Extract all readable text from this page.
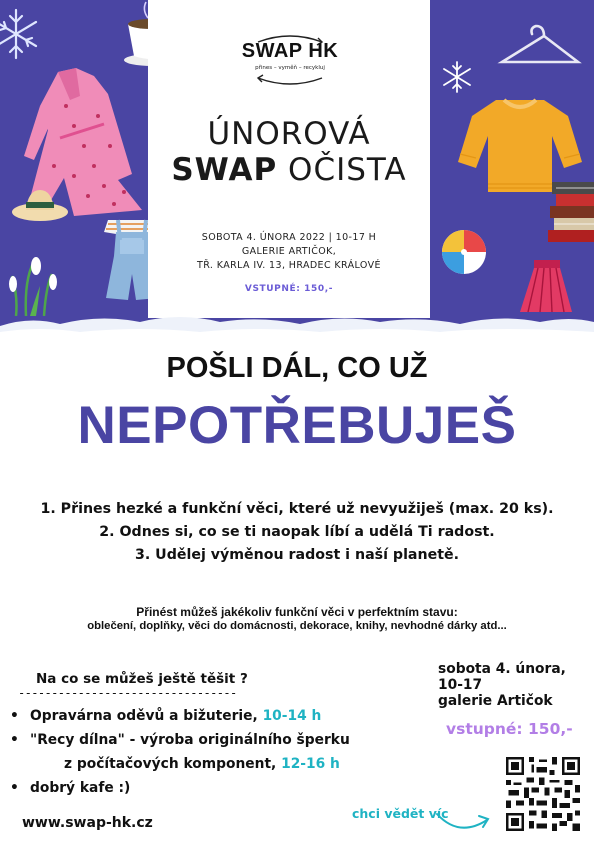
SWAP HK
přines – vyměň – recykluj
ÚNOROVÁ
SWAP OČISTA
SOBOTA 4. ÚNORA 2022 | 10-17 H
GALERIE ARTIČOK,
TŘ. KARLA IV. 13, HRADEC KRÁLOVÉ
VSTUPNÉ: 150,-
POŠLI DÁL, CO UŽ
NEPOTŘEBUJEŠ
1. Přines hezké a funkční věci, které už nevyužiješ (max. 20 ks).
2. Odnes si, co se ti naopak líbí a udělá Ti radost.
3. Udělej výměnou radost i naší planetě.
Přinést můžeš jakékoliv funkční věci v perfektním stavu:
oblečení, doplňky, věci do domácnosti, dekorace, knihy, nevhodné dárky atd...
Na co se můžeš ještě těšit ?
---------------------------------
• Opravárna oděvů a bižuterie, 10-14 h
• "Recy dílna" - výroba originálního šperku
z počítačových komponent, 12-16 h
• dobrý kafe :)
www.swap-hk.cz
sobota 4. února,
10-17
galerie Artičok
vstupné: 150,-
chci vědět víc
